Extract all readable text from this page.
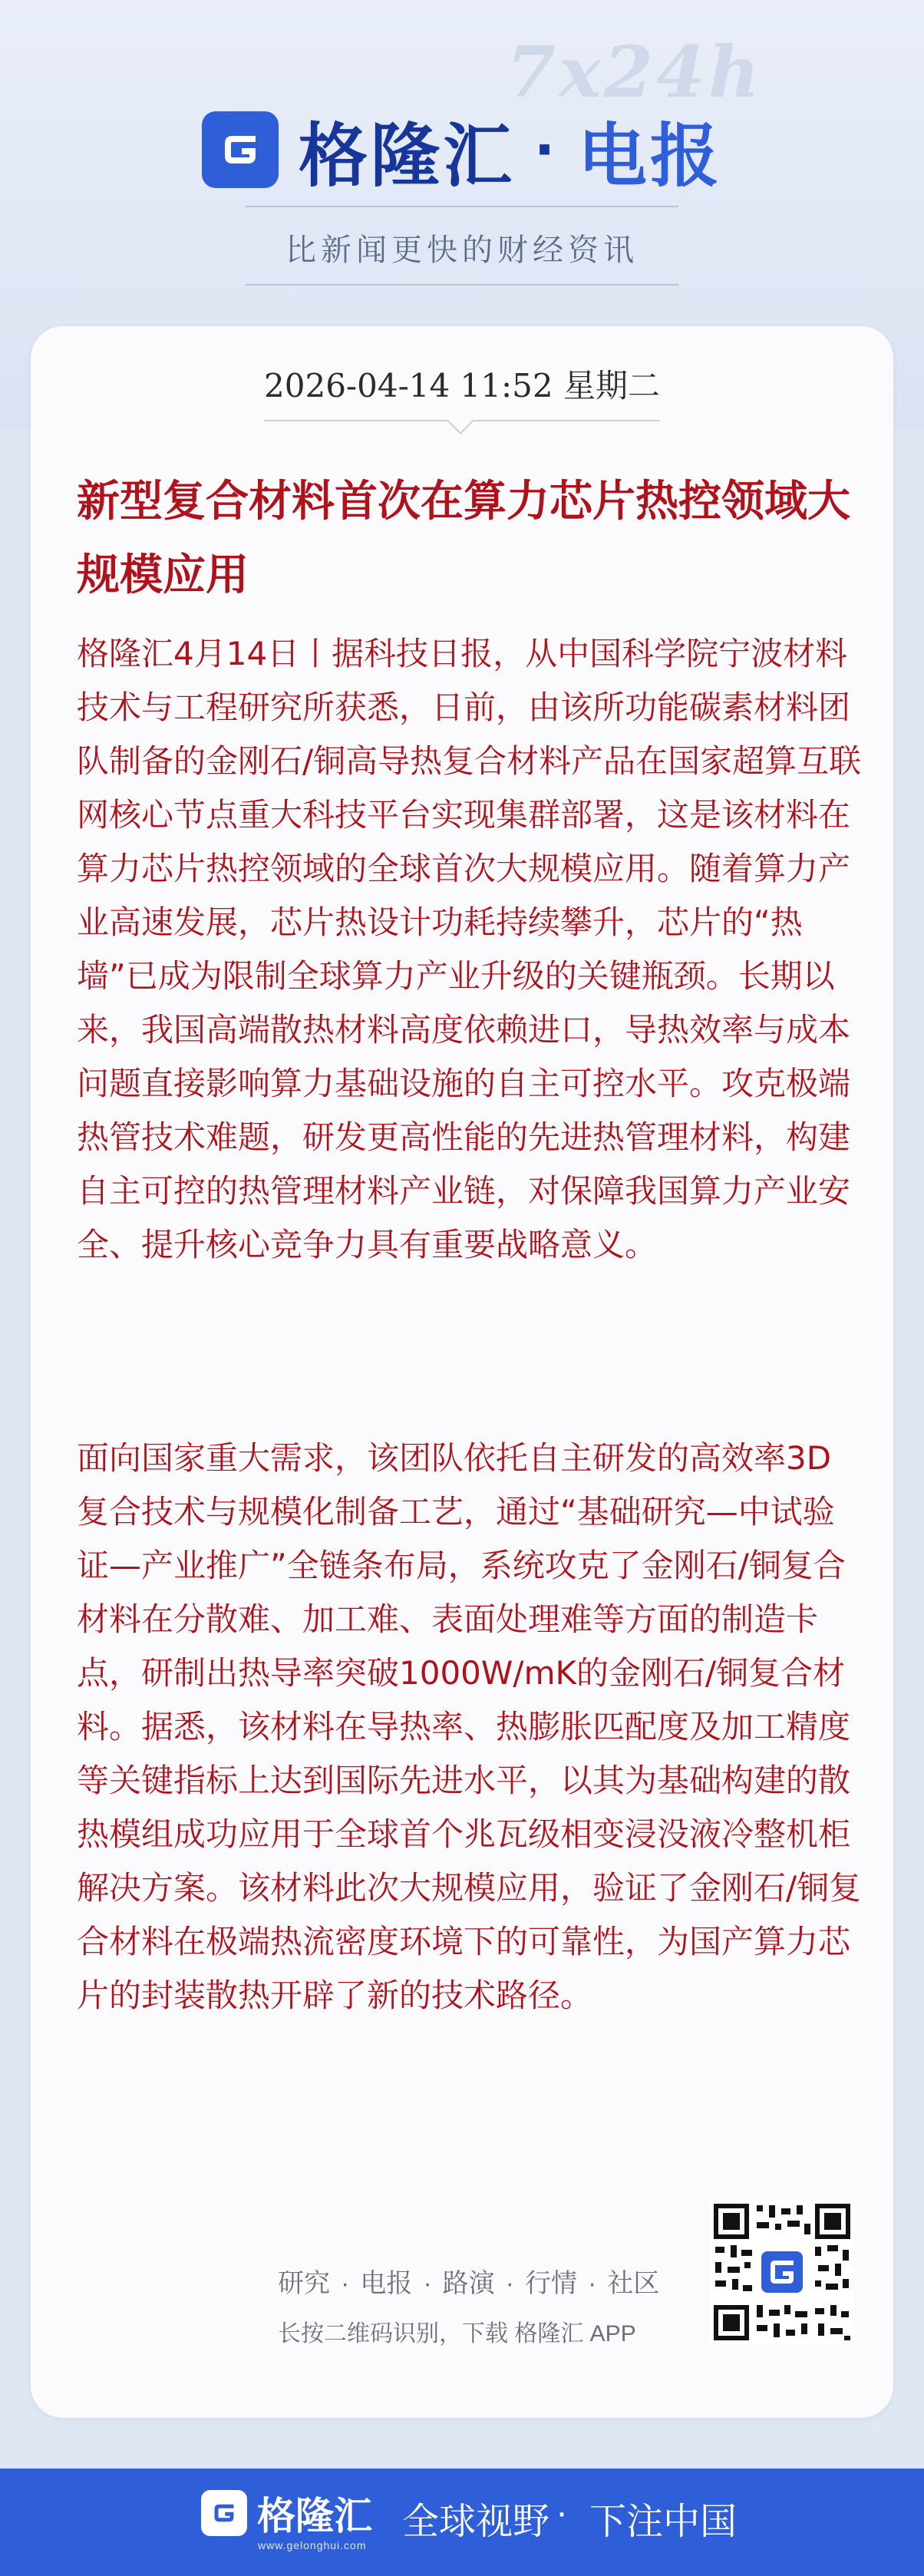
7x24h
格隆汇 · 电报
比新闻更快的财经资讯
2026-04-14 11:52 星期二
新型复合材料首次在算力芯片热控领域大规模应用

格隆汇4月14日丨据科技日报，从中国科学院宁波材料技术与工程研究所获悉，日前，由该所功能碳素材料团队制备的金刚石/铜高导热复合材料产品在国家超算互联网核心节点重大科技平台实现集群部署，这是该材料在算力芯片热控领域的全球首次大规模应用。随着算力产业高速发展，芯片热设计功耗持续攀升，芯片的“热墙”已成为限制全球算力产业升级的关键瓶颈。长期以来，我国高端散热材料高度依赖进口，导热效率与成本问题直接影响算力基础设施的自主可控水平。攻克极端热管技术难题，研发更高性能的先进热管理材料，构建自主可控的热管理材料产业链，对保障我国算力产业安全、提升核心竞争力具有重要战略意义。

面向国家重大需求，该团队依托自主研发的高效率3D复合技术与规模化制备工艺，通过“基础研究—中试验证—产业推广”全链条布局，系统攻克了金刚石/铜复合材料在分散难、加工难、表面处理难等方面的制造卡点，研制出热导率突破1000W/mK的金刚石/铜复合材料。据悉，该材料在导热率、热膨胀匹配度及加工精度等关键指标上达到国际先进水平，以其为基础构建的散热模组成功应用于全球首个兆瓦级相变浸没液冷整机柜解决方案。该材料此次大规模应用，验证了金刚石/铜复合材料在极端热流密度环境下的可靠性，为国产算力芯片的封装散热开辟了新的技术路径。

研究 · 电报 · 路演 · 行情 · 社区
长按二维码识别，下载 格隆汇 APP
格隆汇
www.gelonghui.com
全球视野 · 下注中国
